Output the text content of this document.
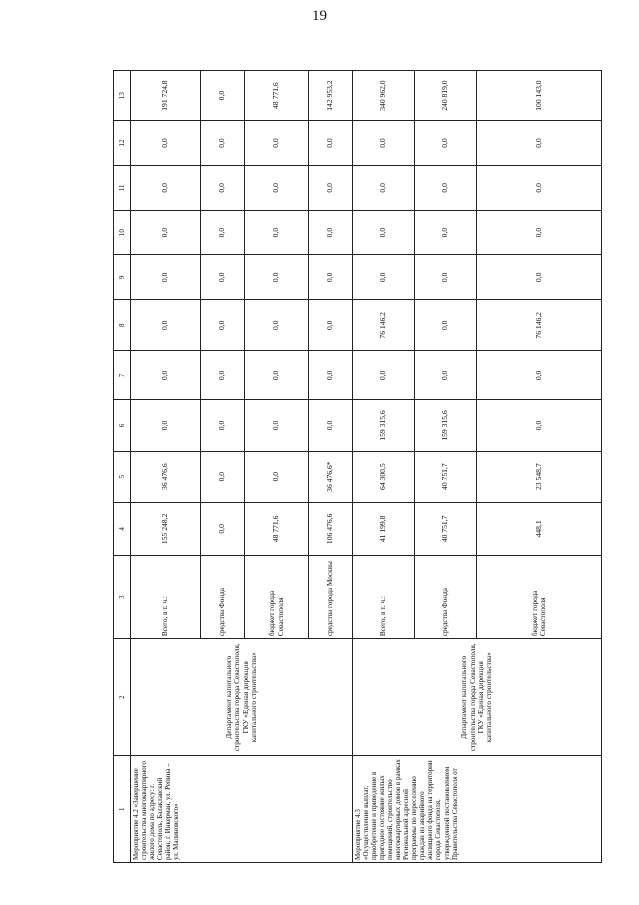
19
1	2	3	4	5	6	7	8	9	10	11	12	13
Мероприятие 4.2 «Завершение строительства многоквартирного жилого дома по адресу: г. Севастополь, Балаклавский район, г. Инкерман, ул. Репина – ул. Малиновского»	Департамент капитального строительства города Севастополя, ГКУ «Единая дирекция капитального строительства»	Всего, в т. ч.:	155 248,2	36 476,6	0,0	0,0	0,0	0,0	0,0	0,0	0,0	191 724,8
		средства Фонда	0,0	0,0	0,0	0,0	0,0	0,0	0,0	0,0	0,0	0,0
		бюджет города Севастополя	48 771,6	0,0	0,0	0,0	0,0	0,0	0,0	0,0	0,0	48 771,6
		средства города Москвы	106 476,6	36 476,6*	0,0	0,0	0,0	0,0	0,0	0,0	0,0	142 953,2
Мероприятие 4.3 «Осуществление выплат, приобретение и приведение в пригодное состояние жилых помещений, строительство многоквартирных домов в рамках Региональной адресной программы по переселению граждан из аварийного жилищного фонда на территории города Севастополя, утвержденной постановлением Правительства Севастополя от	Департамент капитального строительства города Севастополя, ГКУ «Единая дирекция капитального строительства»	Всего, в т. ч.:	41 199,8	64 300,5	159 315,6	0,0	76 146,2	0,0	0,0	0,0	0,0	340 962,0
		средства Фонда	40 751,7	40 751,7	159 315,6	0,0	0,0	0,0	0,0	0,0	0,0	240 819,0
		бюджет города Севастополя	448,1	23 548,7	0,0	0,0	76 146,2	0,0	0,0	0,0	0,0	100 143,0
